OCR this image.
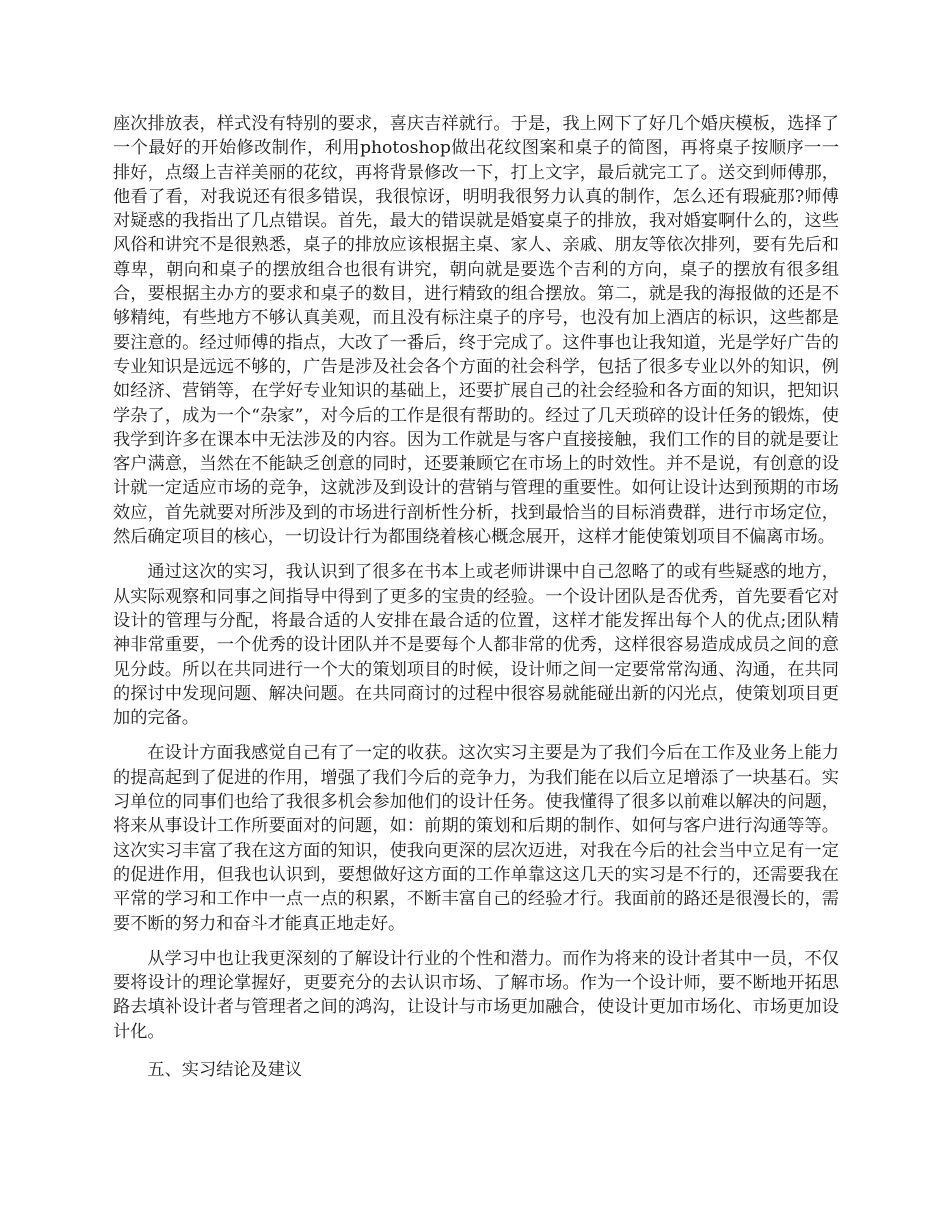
座次排放表，样式没有特别的要求，喜庆吉祥就行。于是，我上网下了好几个婚庆模板，选择了一个最好的开始修改制作，利用photoshop做出花纹图案和桌子的简图，再将桌子按顺序一一排好，点缀上吉祥美丽的花纹，再将背景修改一下，打上文字，最后就完工了。送交到师傅那，他看了看，对我说还有很多错误，我很惊讶，明明我很努力认真的制作，怎么还有瑕疵那?师傅对疑惑的我指出了几点错误。首先，最大的错误就是婚宴桌子的排放，我对婚宴啊什么的，这些风俗和讲究不是很熟悉，桌子的排放应该根据主桌、家人、亲戚、朋友等依次排列，要有先后和尊卑，朝向和桌子的摆放组合也很有讲究，朝向就是要选个吉利的方向，桌子的摆放有很多组合，要根据主办方的要求和桌子的数目，进行精致的组合摆放。第二，就是我的海报做的还是不够精纯，有些地方不够认真美观，而且没有标注桌子的序号，也没有加上酒店的标识，这些都是要注意的。经过师傅的指点，大改了一番后，终于完成了。这件事也让我知道，光是学好广告的专业知识是远远不够的，广告是涉及社会各个方面的社会科学，包括了很多专业以外的知识，例如经济、营销等，在学好专业知识的基础上，还要扩展自己的社会经验和各方面的知识，把知识学杂了，成为一个“杂家”，对今后的工作是很有帮助的。经过了几天琐碎的设计任务的锻炼，使我学到许多在课本中无法涉及的内容。因为工作就是与客户直接接触，我们工作的目的就是要让客户满意，当然在不能缺乏创意的同时，还要兼顾它在市场上的时效性。并不是说，有创意的设计就一定适应市场的竞争，这就涉及到设计的营销与管理的重要性。如何让设计达到预期的市场效应，首先就要对所涉及到的市场进行剖析性分析，找到最恰当的目标消费群，进行市场定位，然后确定项目的核心，一切设计行为都围绕着核心概念展开，这样才能使策划项目不偏离市场。

通过这次的实习，我认识到了很多在书本上或老师讲课中自己忽略了的或有些疑惑的地方，从实际观察和同事之间指导中得到了更多的宝贵的经验。一个设计团队是否优秀，首先要看它对设计的管理与分配，将最合适的人安排在最合适的位置，这样才能发挥出每个人的优点;团队精神非常重要，一个优秀的设计团队并不是要每个人都非常的优秀，这样很容易造成成员之间的意见分歧。所以在共同进行一个大的策划项目的时候，设计师之间一定要常常沟通、沟通，在共同的探讨中发现问题、解决问题。在共同商讨的过程中很容易就能碰出新的闪光点，使策划项目更加的完备。

在设计方面我感觉自己有了一定的收获。这次实习主要是为了我们今后在工作及业务上能力的提高起到了促进的作用，增强了我们今后的竞争力，为我们能在以后立足增添了一块基石。实习单位的同事们也给了我很多机会参加他们的设计任务。使我懂得了很多以前难以解决的问题，将来从事设计工作所要面对的问题，如：前期的策划和后期的制作、如何与客户进行沟通等等。这次实习丰富了我在这方面的知识，使我向更深的层次迈进，对我在今后的社会当中立足有一定的促进作用，但我也认识到，要想做好这方面的工作单靠这这几天的实习是不行的，还需要我在平常的学习和工作中一点一点的积累，不断丰富自己的经验才行。我面前的路还是很漫长的，需要不断的努力和奋斗才能真正地走好。

从学习中也让我更深刻的了解设计行业的个性和潜力。而作为将来的设计者其中一员，不仅要将设计的理论掌握好，更要充分的去认识市场、了解市场。作为一个设计师，要不断地开拓思路去填补设计者与管理者之间的鸿沟，让设计与市场更加融合，使设计更加市场化、市场更加设计化。

五、实习结论及建议
